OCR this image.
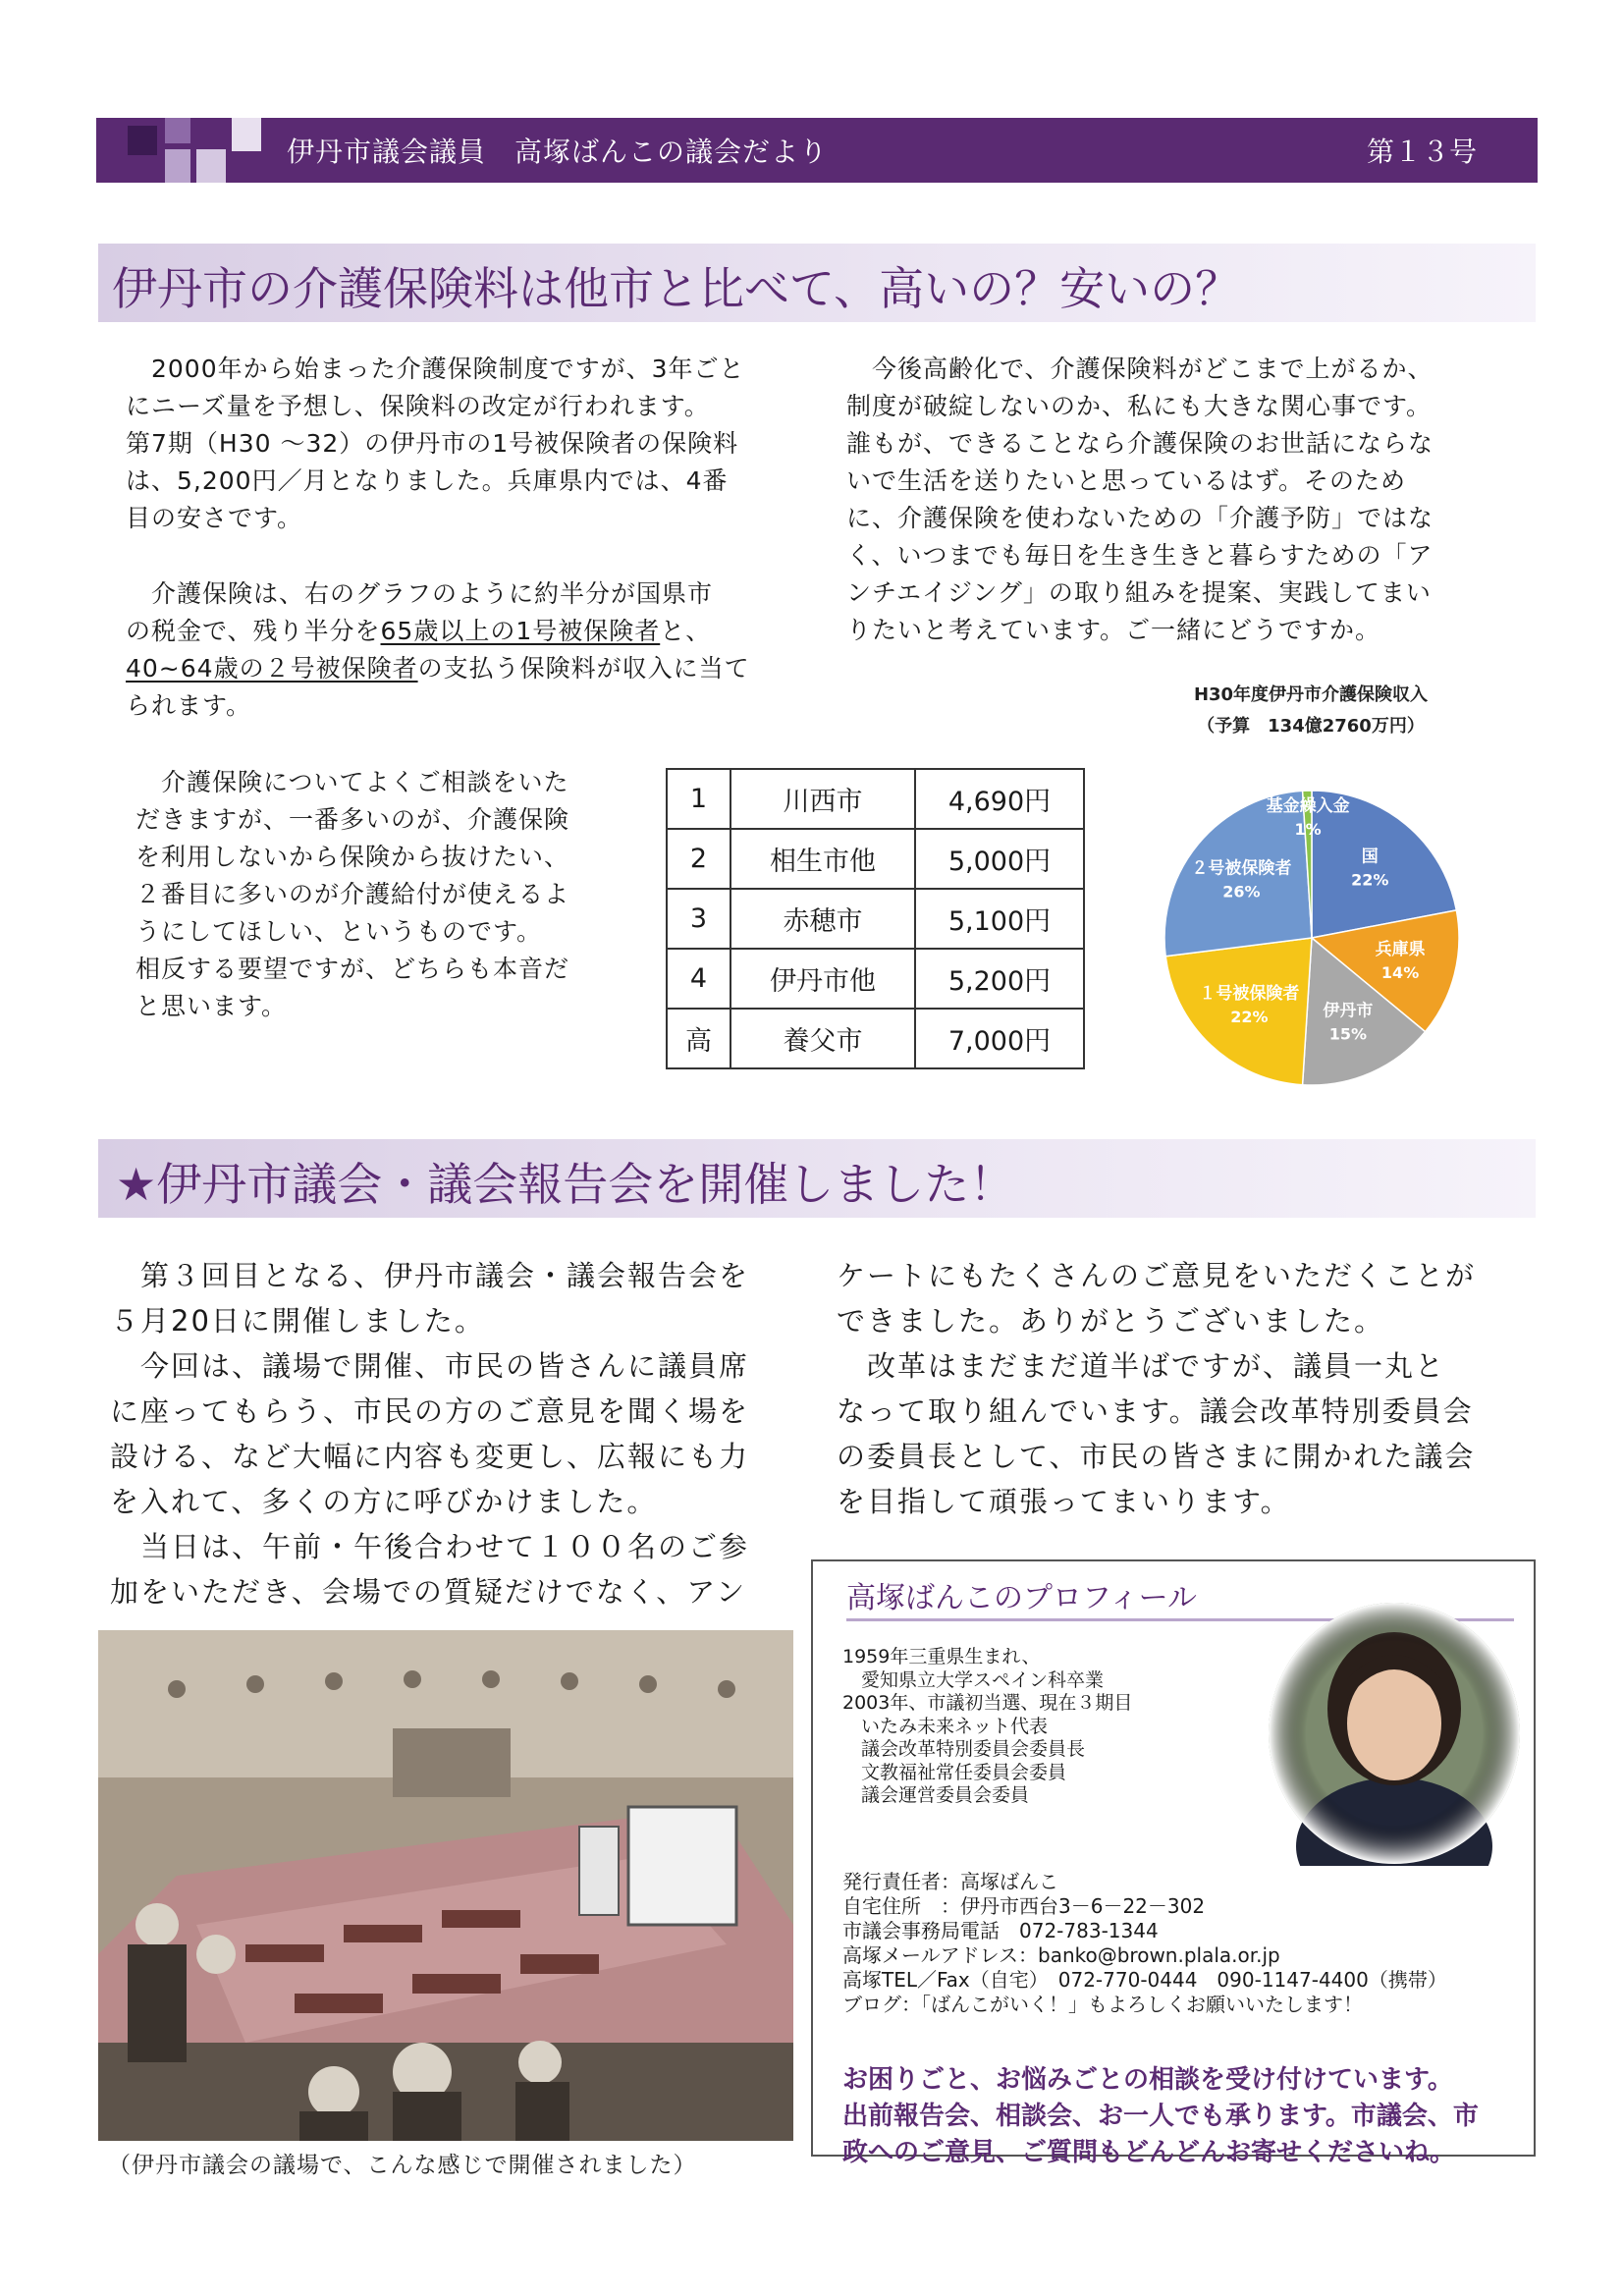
伊丹市議会議員　高塚ばんこの議会だより	第１３号
伊丹市の介護保険料は他市と比べて、高いの？安いの？
　2000年から始まった介護保険制度ですが、3年ごと
にニーズ量を予想し、保険料の改定が行われます。
第7期（H30 ～32）の伊丹市の1号被保険者の保険料
は、5,200円／月となりました。兵庫県内では、4番
目の安さです。
　介護保険は、右のグラフのように約半分が国県市
の税金で、残り半分を65歳以上の1号被保険者と、
40~64歳の２号被保険者の支払う保険料が収入に当て
られます。
　介護保険についてよくご相談をいた
だきますが、一番多いのが、介護保険
を利用しないから保険から抜けたい、
２番目に多いのが介護給付が使えるよ
うにしてほしい、というものです。
相反する要望ですが、どちらも本音だ
と思います。
　今後高齢化で、介護保険料がどこまで上がるか、
制度が破綻しないのか、私にも大きな関心事です。
誰もが、できることなら介護保険のお世話にならな
いで生活を送りたいと思っているはず。そのため
に、介護保険を使わないための「介護予防」ではな
く、いつまでも毎日を生き生きと暮らすための「ア
ンチエイジング」の取り組みを提案、実践してまい
りたいと考えています。ご一緒にどうですか。
1	川西市	4,690円
2	相生市他	5,000円
3	赤穂市	5,100円
4	伊丹市他	5,200円
高	養父市	7,000円
H30年度伊丹市介護保険収入
（予算　134億2760万円）
国
22%
兵庫県
14%
伊丹市
15%
１号被保険者
22%
２号被保険者
26%
基金繰入金
1%
★伊丹市議会・議会報告会を開催しました！
　第３回目となる、伊丹市議会・議会報告会を
５月20日に開催しました。
　今回は、議場で開催、市民の皆さんに議員席
に座ってもらう、市民の方のご意見を聞く場を
設ける、など大幅に内容も変更し、広報にも力
を入れて、多くの方に呼びかけました。
　当日は、午前・午後合わせて１００名のご参
加をいただき、会場での質疑だけでなく、アン
ケートにもたくさんのご意見をいただくことが
できました。ありがとうございました。
　改革はまだまだ道半ばですが、議員一丸と
なって取り組んでいます。議会改革特別委員会
の委員長として、市民の皆さまに開かれた議会
を目指して頑張ってまいります。
（伊丹市議会の議場で、こんな感じで開催されました）
高塚ばんこのプロフィール
1959年三重県生まれ、
　愛知県立大学スペイン科卒業
2003年、市議初当選、現在３期目
　いたみ未来ネット代表
　議会改革特別委員会委員長
　文教福祉常任委員会委員
　議会運営委員会委員
発行責任者：高塚ばんこ
自宅住所　：伊丹市西台3－6－22－302
市議会事務局電話　072-783-1344
高塚メールアドレス：banko@brown.plala.or.jp
高塚TEL／Fax（自宅）　072-770-0444　090-1147-4400（携帯）
ブログ：「ばんこがいく！」もよろしくお願いいたします！
お困りごと、お悩みごとの相談を受け付けています。
出前報告会、相談会、お一人でも承ります。市議会、市
政へのご意見、ご質問もどんどんお寄せくださいね。
